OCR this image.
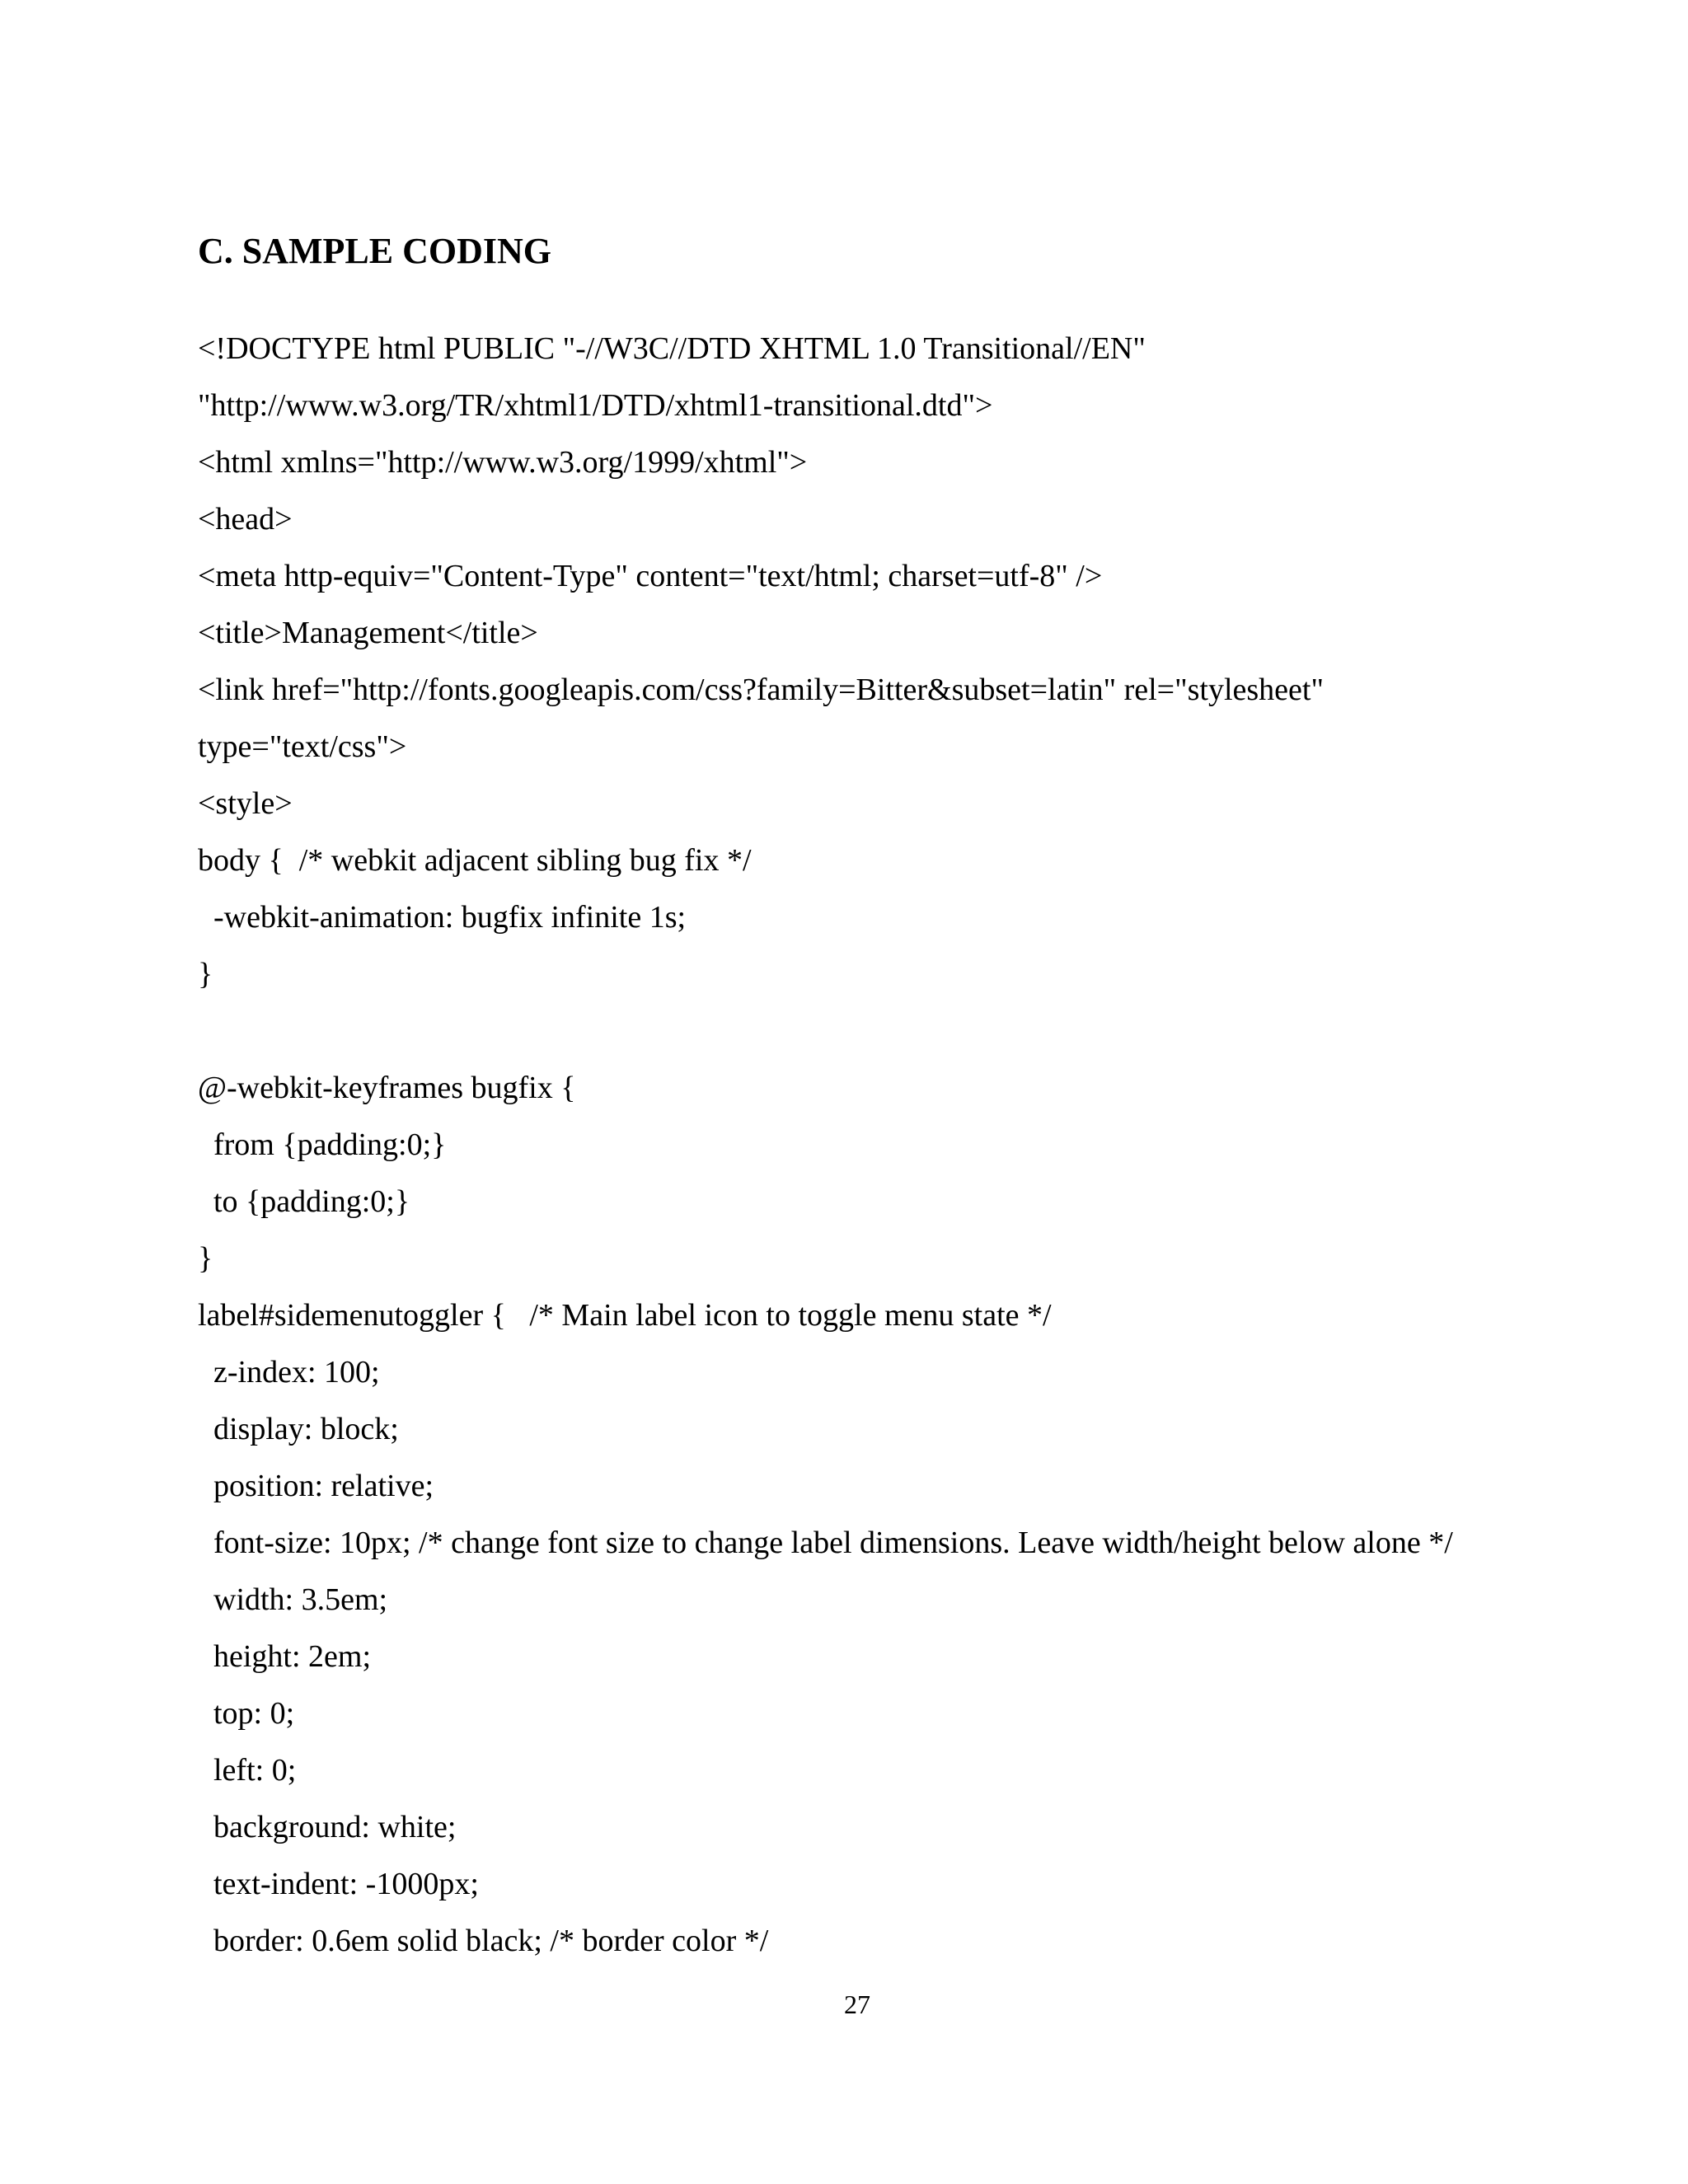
C. SAMPLE CODING
<!DOCTYPE html PUBLIC "-//W3C//DTD XHTML 1.0 Transitional//EN"
"http://www.w3.org/TR/xhtml1/DTD/xhtml1-transitional.dtd">
<html xmlns="http://www.w3.org/1999/xhtml">
<head>
<meta http-equiv="Content-Type" content="text/html; charset=utf-8" />
<title>Management</title>
<link href="http://fonts.googleapis.com/css?family=Bitter&subset=latin" rel="stylesheet"
type="text/css">
<style>
body {  /* webkit adjacent sibling bug fix */
-webkit-animation: bugfix infinite 1s;
}
@-webkit-keyframes bugfix {
from {padding:0;}
to {padding:0;}
}
label#sidemenutoggler {   /* Main label icon to toggle menu state */
z-index: 100;
display: block;
position: relative;
font-size: 10px; /* change font size to change label dimensions. Leave width/height below alone */
width: 3.5em;
height: 2em;
top: 0;
left: 0;
background: white;
text-indent: -1000px;
border: 0.6em solid black; /* border color */
27
